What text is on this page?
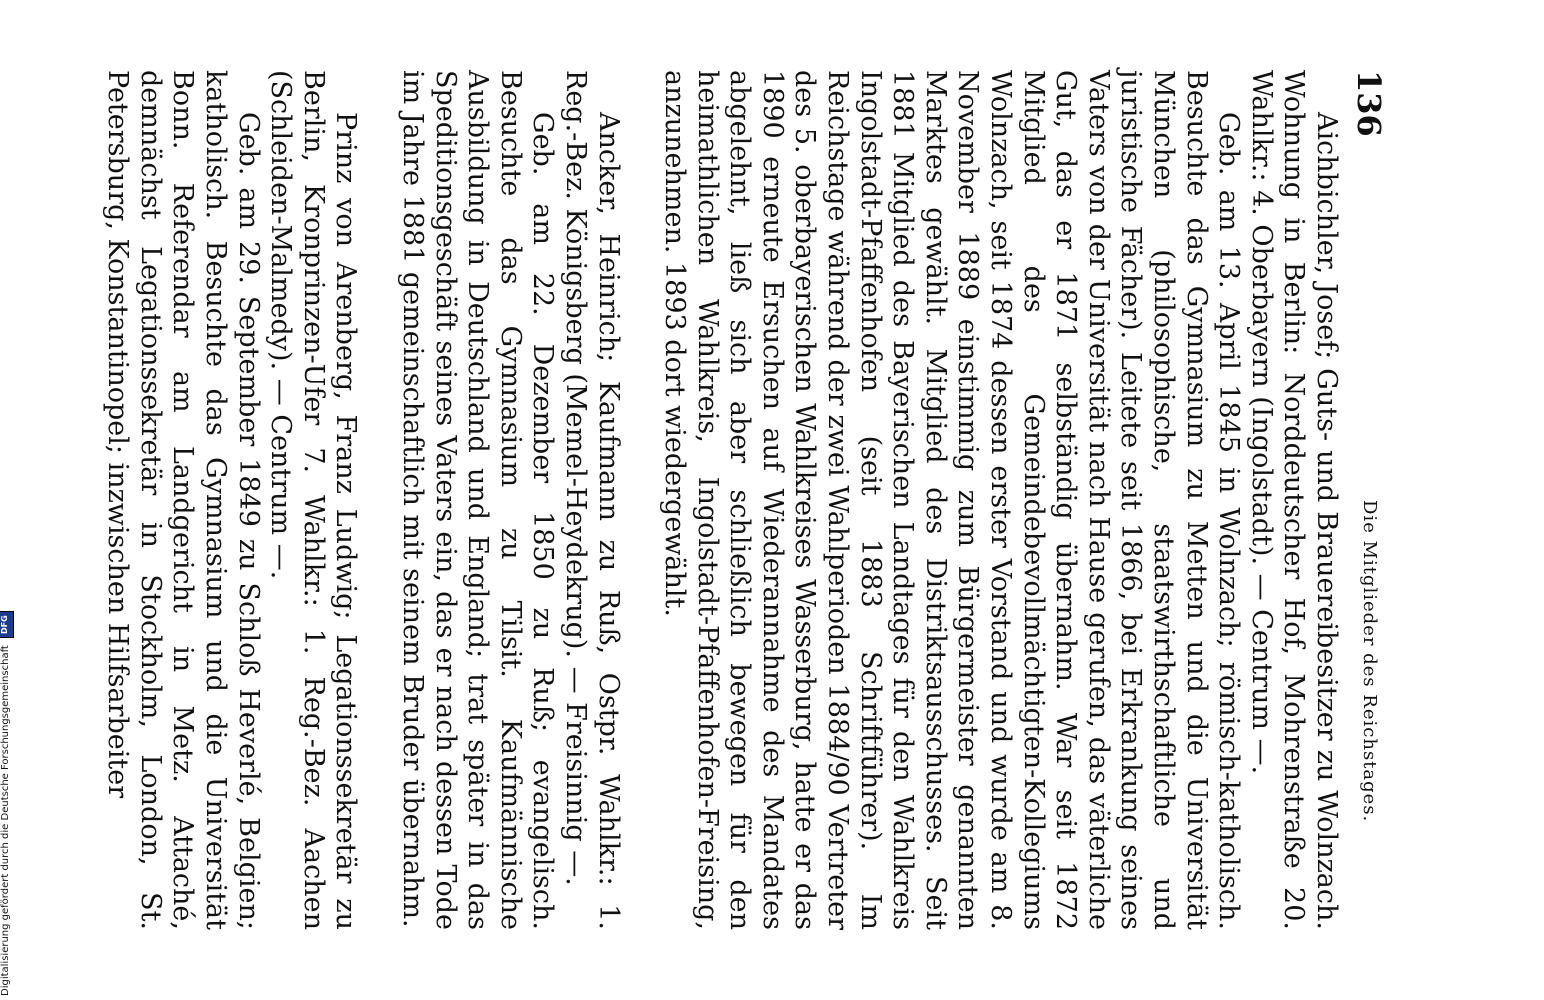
136
Die Mitglieder des Reichstages.

Aichbichler, Josef; Guts- und Brauereibesitzer zu Wolnzach. Wohnung in Berlin: Norddeutscher Hof, Mohrenstraße 20. Wahlkr.: 4. Oberbayern (Ingolstadt). — Centrum —.

Geb. am 13. April 1845 in Wolnzach; römisch-katholisch. Besuchte das Gymnasium zu Metten und die Universität München (philosophische, staatswirthschaftliche und juristische Fächer). Leitete seit 1866, bei Erkrankung seines Vaters von der Universität nach Hause gerufen, das väterliche Gut, das er 1871 selbständig übernahm. War seit 1872 Mitglied des Gemeindebevollmächtigten-Kollegiums Wolnzach, seit 1874 dessen erster Vorstand und wurde am 8. November 1889 einstimmig zum Bürgermeister genannten Marktes gewählt. Mitglied des Distriktsausschusses. Seit 1881 Mitglied des Bayerischen Landtages für den Wahlkreis Ingolstadt-Pfaffenhofen (seit 1883 Schriftführer). Im Reichstage während der zwei Wahlperioden 1884/90 Vertreter des 5. oberbayerischen Wahlkreises Wasserburg, hatte er das 1890 erneute Ersuchen auf Wiederannahme des Mandates abgelehnt, ließ sich aber schließlich bewegen für den heimathlichen Wahlkreis, Ingolstadt-Pfaffenhofen-Freising, anzunehmen. 1893 dort wiedergewählt.

Ancker, Heinrich; Kaufmann zu Ruß, Ostpr. Wahlkr.: 1. Reg.-Bez. Königsberg (Memel-Heydekrug). — Freisinnig —.

Geb. am 22. Dezember 1850 zu Ruß; evangelisch. Besuchte das Gymnasium zu Tilsit. Kaufmännische Ausbildung in Deutschland und England; trat später in das Speditionsgeschäft seines Vaters ein, das er nach dessen Tode im Jahre 1881 gemeinschaftlich mit seinem Bruder übernahm.

Prinz von Arenberg, Franz Ludwig; Legationssekretär zu Berlin, Kronprinzen-Ufer 7. Wahlkr.: 1. Reg.-Bez. Aachen (Schleiden-Malmedy). — Centrum —.

Geb. am 29. September 1849 zu Schloß Heverlé, Belgien; katholisch. Besuchte das Gymnasium und die Universität Bonn. Referendar am Landgericht in Metz. Attaché, demnächst Legationssekretär in Stockholm, London, St. Petersburg, Konstantinopel; inzwischen Hilfsarbeiter

Digitalisierung gefördert durch die Deutsche Forschungsgemeinschaft DFG
